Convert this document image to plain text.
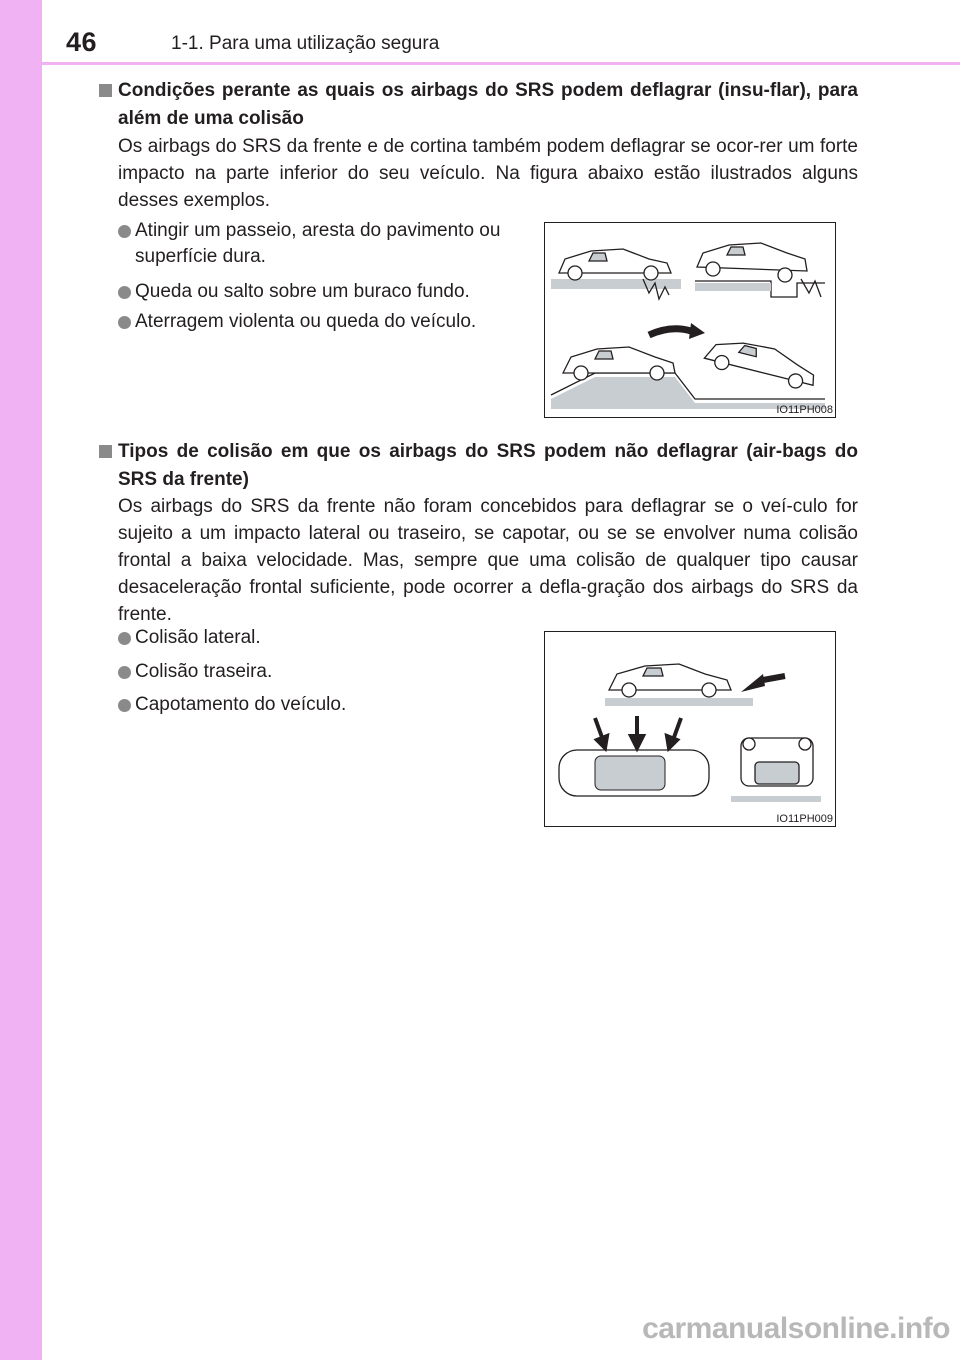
46	1-1. Para uma utilização segura
Condições perante as quais os airbags do SRS podem deflagrar (insu-flar), para além de uma colisão
Os airbags do SRS da frente e de cortina também podem deflagrar se ocor-rer um forte impacto na parte inferior do seu veículo. Na figura abaixo estão ilustrados alguns desses exemplos.
Atingir um passeio, aresta do pavimento ou superfície dura.
Queda ou salto sobre um buraco fundo.
Aterragem violenta ou queda do veículo.
IO11PH008
Tipos de colisão em que os airbags do SRS podem não deflagrar (air-bags do SRS da frente)
Os airbags do SRS da frente não foram concebidos para deflagrar se o veí-culo for sujeito a um impacto lateral ou traseiro, se capotar, ou se se envolver numa colisão frontal a baixa velocidade. Mas, sempre que uma colisão de qualquer tipo causar desaceleração frontal suficiente, pode ocorrer a defla-gração dos airbags do SRS da frente.
Colisão lateral.
Colisão traseira.
Capotamento do veículo.
IO11PH009
carmanualsonline.info
